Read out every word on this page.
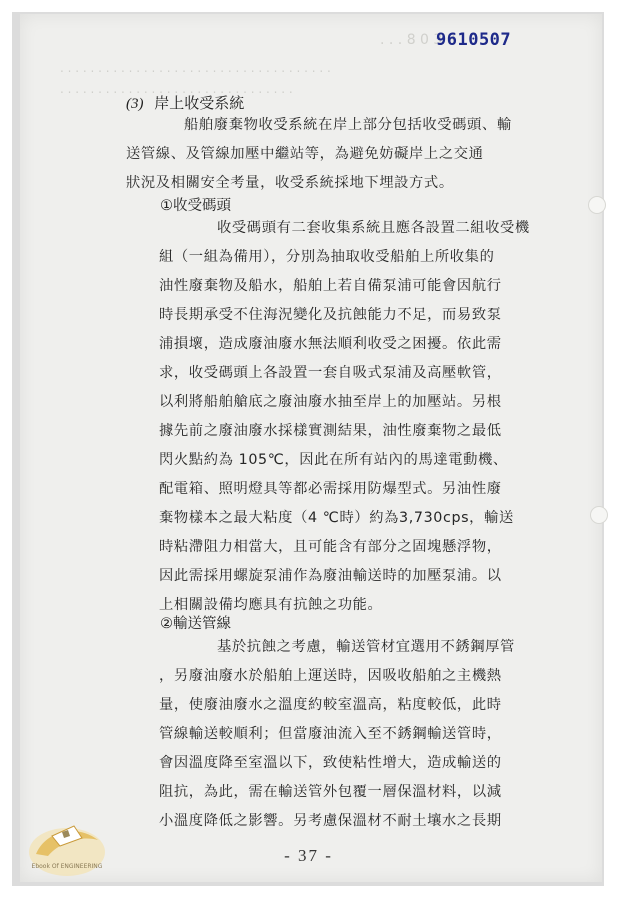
. . . 8 0 3 8
. . . . . . . . . . . . . . . . . . . . . . . . . . . . . . . . . . . .
. . . . . . . . . . . . . . . . . . . . . . . . . . . . . . .
9610507
(3) 岸上收受系統
船舶廢棄物收受系統在岸上部分包括收受碼頭、輸
送管線、及管線加壓中繼站等，為避免妨礙岸上之交通
狀況及相關安全考量，收受系統採地下埋設方式。
①收受碼頭
收受碼頭有二套收集系統且應各設置二組收受機
組（一組為備用），分別為抽取收受船舶上所收集的
油性廢棄物及船水，船舶上若自備泵浦可能會因航行
時長期承受不住海況變化及抗蝕能力不足，而易致泵
浦損壞，造成廢油廢水無法順利收受之困擾。依此需
求，收受碼頭上各設置一套自吸式泵浦及高壓軟管，
以利將船舶艙底之廢油廢水抽至岸上的加壓站。另根
據先前之廢油廢水採樣實測結果，油性廢棄物之最低
閃火點約為 105℃，因此在所有站內的馬達電動機、
配電箱、照明燈具等都必需採用防爆型式。另油性廢
棄物樣本之最大粘度（4 ℃時）約為3,730cps，輸送
時粘滯阻力相當大，且可能含有部分之固塊懸浮物，
因此需採用螺旋泵浦作為廢油輸送時的加壓泵浦。以
上相關設備均應具有抗蝕之功能。
②輸送管線
基於抗蝕之考慮，輸送管材宜選用不銹鋼厚管
，另廢油廢水於船舶上運送時，因吸收船舶之主機熱
量，使廢油廢水之溫度約較室溫高，粘度較低，此時
管線輸送較順利；但當廢油流入至不銹鋼輸送管時，
會因溫度降至室溫以下，致使粘性增大，造成輸送的
阻抗，為此，需在輸送管外包覆一層保溫材料，以減
小溫度降低之影響。另考慮保溫材不耐土壤水之長期
- 37 -
Ebook Of ENGINEERING
